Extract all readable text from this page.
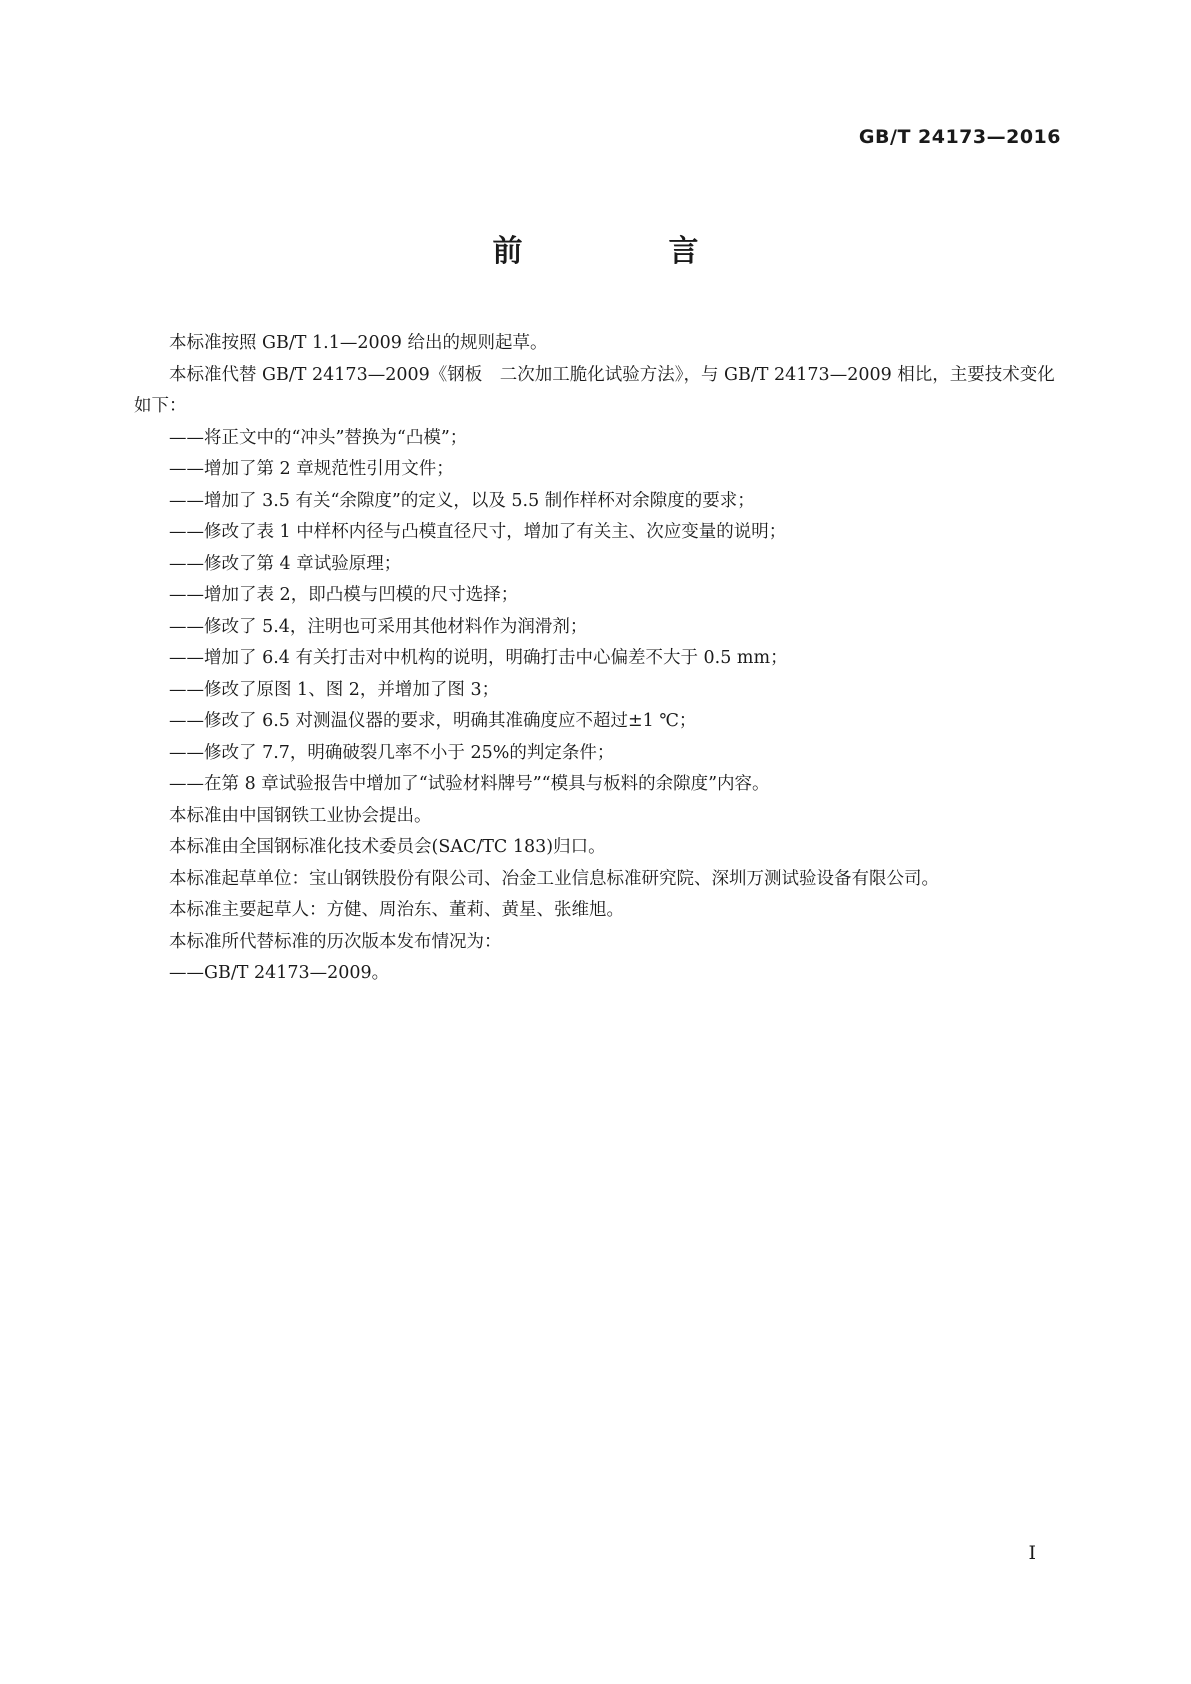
GB/T 24173—2016
前　言

本标准按照 GB/T 1.1—2009 给出的规则起草。

本标准代替 GB/T 24173—2009《钢板　二次加工脆化试验方法》，与 GB/T 24173—2009 相比，主要技术变化如下：

——将正文中的“冲头”替换为“凸模”；

——增加了第 2 章规范性引用文件；

——增加了 3.5 有关“余隙度”的定义，以及 5.5 制作样杯对余隙度的要求；

——修改了表 1 中样杯内径与凸模直径尺寸，增加了有关主、次应变量的说明；

——修改了第 4 章试验原理；

——增加了表 2，即凸模与凹模的尺寸选择；

——修改了 5.4，注明也可采用其他材料作为润滑剂；

——增加了 6.4 有关打击对中机构的说明，明确打击中心偏差不大于 0.5 mm；

——修改了原图 1、图 2，并增加了图 3；

——修改了 6.5 对测温仪器的要求，明确其准确度应不超过±1 ℃；

——修改了 7.7，明确破裂几率不小于 25%的判定条件；

——在第 8 章试验报告中增加了“试验材料牌号”“模具与板料的余隙度”内容。

本标准由中国钢铁工业协会提出。

本标准由全国钢标准化技术委员会(SAC/TC 183)归口。

本标准起草单位：宝山钢铁股份有限公司、冶金工业信息标准研究院、深圳万测试验设备有限公司。

本标准主要起草人：方健、周治东、董莉、黄星、张维旭。

本标准所代替标准的历次版本发布情况为：

——GB/T 24173—2009。

I
